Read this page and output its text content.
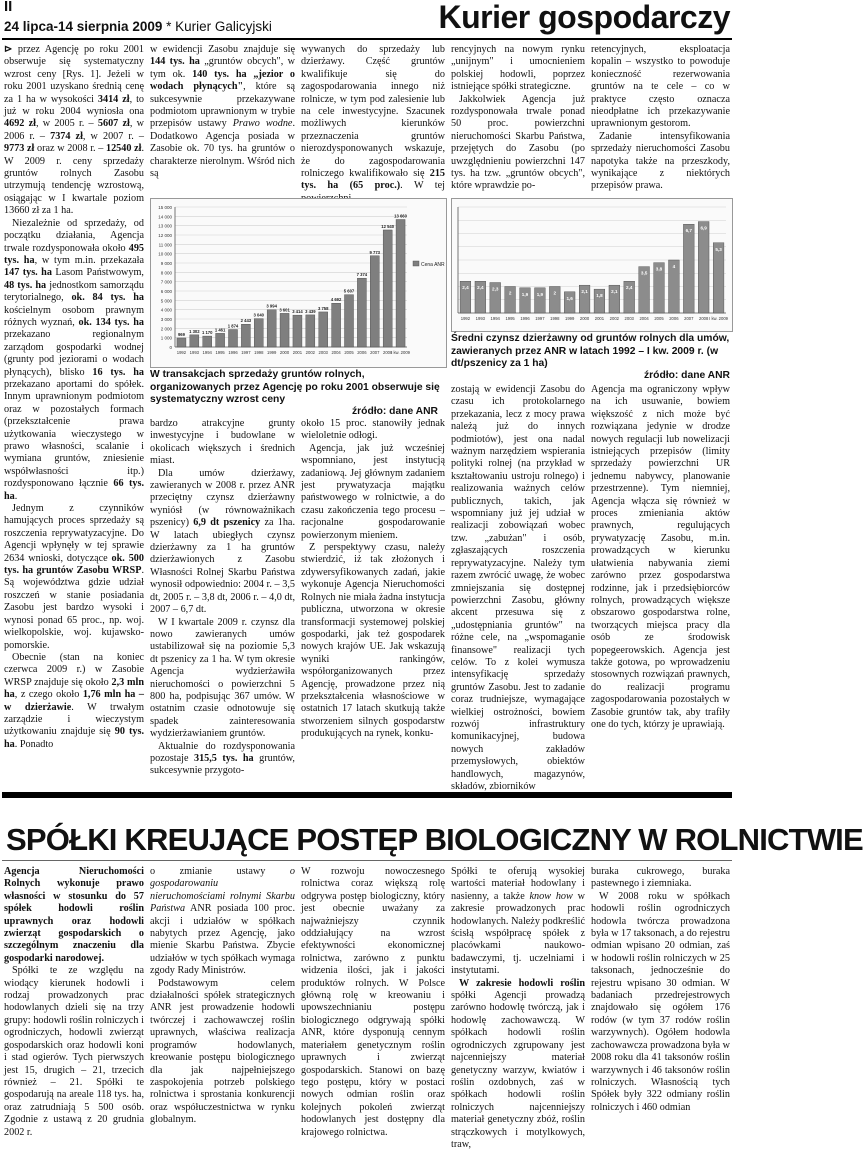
II
24 lipca-14 sierpnia 2009 * Kurier Galicyjski	Kurier gospodarczy

⊳ przez Agencję po roku 2001 obserwuje się systematyczny wzrost ceny [Rys. 1]. Jeżeli w roku 2001 uzyskano średnią cenę za 1 ha w wysokości 3414 zł, to już w roku 2004 wyniosła ona 4692 zł, w 2005 r. – 5607 zł, w 2006 r. – 7374 zł, w 2007 r. – 9773 zł oraz w 2008 r. – 12540 zł. W 2009 r. ceny sprzedaży gruntów rolnych Zasobu utrzymują tendencję wzrostową, osiągając w I kwartale poziom 13660 zł za 1 ha.

Niezależnie od sprzedaży, od początku działania, Agencja trwale rozdysponowała około 495 tys. ha, w tym m.in. przekazała 147 tys. ha Lasom Państwowym, 48 tys. ha jednostkom samorządu terytorialnego, ok. 84 tys. ha kościelnym osobom prawnym różnych wyznań, ok. 134 tys. ha przekazano regionalnym zarządom gospodarki wodnej (grunty pod jeziorami o wodach płynących), blisko 16 tys. ha przekazano aportami do spółek. Innym uprawnionym podmiotom oraz w pozostałych formach (przekształcenie prawa użytkowania wieczystego w prawo własności, scalanie i wymiana gruntów, zniesienie współwłasności itp.) rozdysponowano łącznie 66 tys. ha.

Jednym z czynników hamujących proces sprzedaży są roszczenia reprywatyzacyjne. Do Agencji wpłynęły w tej sprawie 2634 wnioski, dotyczące ok. 500 tys. ha gruntów Zasobu WRSP. Są województwa gdzie udział roszczeń w stanie posiadania Zasobu jest bardzo wysoki i wynosi ponad 65 proc., np. woj. wielkopolskie, woj. kujawsko-pomorskie.

Obecnie (stan na koniec czerwca 2009 r.) w Zasobie WRSP znajduje się około 2,3 mln ha, z czego około 1,76 mln ha – w dzierżawie. W trwałym zarządzie i wieczystym użytkowaniu znajduje się 90 tys. ha. Ponadto

w ewidencji Zasobu znajduje się 144 tys. ha „gruntów obcych", w tym ok. 140 tys. ha „jezior o wodach płynących", które są sukcesywnie przekazywane podmiotom uprawnionym w trybie przepisów ustawy Prawo wodne. Dodatkowo Agencja posiada w Zasobie ok. 70 tys. ha gruntów o charakterze nierolnym. Wśród nich są

wywanych do sprzedaży lub dzierżawy. Część gruntów kwalifikuje się do zagospodarowania innego niż rolnicze, w tym pod zalesienie lub na cele inwestycyjne. Szacunek możliwych kierunków przeznaczenia gruntów nierozdysponowanych wskazuje, że do zagospodarowania rolniczego kwalifikowało się 215 tys. ha (65 proc.). W tej

rencyjnych na nowym rynku „unijnym" i umocnieniem polskiej hodowli, poprzez istniejące spółki strategiczne.

Jakkolwiek Agencja już rozdysponowała trwale ponad 50 proc. powierzchni nieruchomości Skarbu Państwa, przejętych do Zasobu (po uwzględnieniu powierzchni 147 tys. ha tzw. „gruntów obcych", które wprawdzie po-

retencyjnych, eksploatacja kopalin – wszystko to powoduje konieczność rezerwowania gruntów na te cele – co w praktyce często oznacza nieodpłatne ich przekazywanie uprawnionym gestorom.

Zadanie intensyfikowania sprzedaży nieruchomości Zasobu napotyka także na przeszkody, wynikające z niektórych przepisów prawa.

0
1 000
2 000
3 000
4 000
5 000
6 000
7 000
8 000
9 000
10 000
11 000
12 000
13 000
14 000
15 000
969
1992
1 302
1993
1 170
1994
1 461
1995
1 874
1996
2 443
1997
3 040
1998
3 994
1999
3 601
2000
3 414
2001
3 439
2002
3 758
2003
4 692
2004
5 607
2005
7 374
2006
9 773
2007
12 540
2008
13 660
I kw. 2009
Cena ANR
W transakcjach sprzedaży gruntów rolnych, organizowanych przez Agencję po roku 2001 obserwuje się systematyczny wzrost ceny
źródło: dane ANR
2,4
1992
2,4
1993
2,3
1994
2
1995
1,9
1996
1,9
1997
2
1998
1,6
1999
2,1
2000
1,8
2001
2,1
2002
2,4
2003
3,5
2004
3,8
2005
4
2006
6,7
2007
6,9
2008
5,3
I kw. 2009
Średni czynsz dzierżawny od gruntów rolnych dla umów, zawieranych przez ANR w latach 1992 – I kw. 2009 r. (w dt/pszenicy za 1 ha)
źródło: dane ANR

bardzo atrakcyjne grunty inwestycyjne i budowlane w okolicach większych i średnich miast.

Dla umów dzierżawy, zawieranych w 2008 r. przez ANR przeciętny czynsz dzierżawny wyniósł (w równoważnikach pszenicy) 6,9 dt pszenicy za 1ha. W latach ubiegłych czynsz dzierżawny za 1 ha gruntów dzierżawionych z Zasobu Własności Rolnej Skarbu Państwa wynosił odpowiednio: 2004 r. – 3,5 dt, 2005 r. – 3,8 dt, 2006 r. – 4,0 dt, 2007 – 6,7 dt.

W I kwartale 2009 r. czynsz dla nowo zawieranych umów ustabilizował się na poziomie 5,3 dt pszenicy za 1 ha. W tym okresie Agencja wydzierżawiła nieruchomości o powierzchni 5 800 ha, podpisując 367 umów. W ostatnim czasie odnotowuje się spadek zainteresowania wydzierżawianiem gruntów.

Aktualnie do rozdysponowania pozostaje 315,5 tys. ha gruntów, sukcesywnie przygoto-

około 15 proc. stanowiły jednak wieloletnie odłogi.

Agencja, jak już wcześniej wspomniano, jest instytucją zadaniową. Jej głównym zadaniem jest prywatyzacja majątku państwowego w rolnictwie, a do czasu zakończenia tego procesu – racjonalne gospodarowanie powierzonym mieniem.

Z perspektywy czasu, należy stwierdzić, iż tak złożonych i zdywersyfikowanych zadań, jakie wykonuje Agencja Nieruchomości Rolnych nie miała żadna instytucja publiczna, utworzona w okresie transformacji systemowej polskiej gospodarki, jak też gospodarek nowych krajów UE. Jak wskazują wyniki rankingów, współorganizowanych przez Agencję, prowadzone przez nią przekształcenia własnościowe w ostatnich 17 latach skutkują także stworzeniem silnych gospodarstw produkujących na rynek, konku-

zostają w ewidencji Zasobu do czasu ich protokolarnego przekazania, lecz z mocy prawa należą już do innych podmiotów), jest ona nadal ważnym narzędziem wspierania polityki rolnej (na przykład w kształtowaniu ustroju rolnego) i realizowania ważnych celów publicznych, takich, jak wspomniany już jej udział w realizacji zobowiązań wobec tzw. „zabużan" i osób, zgłaszających roszczenia reprywatyzacyjne. Należy tym razem zwrócić uwagę, że wobec zmniejszania się dostępnej powierzchni Zasobu, główny akcent przesuwa się z „udostępniania gruntów" na różne cele, na „wspomaganie finansowe" realizacji tych celów. To z kolei wymusza intensyfikację sprzedaży gruntów Zasobu. Jest to zadanie coraz trudniejsze, wymagające wielkiej ostrożności, bowiem rozwój infrastruktury komunikacyjnej, budowa nowych zakładów przemysłowych, obiektów handlowych, magazynów, składów, zbiorników

Agencja ma ograniczony wpływ na ich usuwanie, bowiem większość z nich może być rozwiązana jedynie w drodze nowych regulacji lub nowelizacji istniejących przepisów (limity sprzedaży powierzchni UR jednemu nabywcy, planowanie przestrzenne). Tym niemniej, Agencja włącza się również w proces zmieniania aktów prawnych, regulujących prywatyzację Zasobu, m.in. prowadzących w kierunku ułatwienia nabywania ziemi zarówno przez gospodarstwa rodzinne, jak i przedsiębiorców rolnych, prowadzących większe obszarowo gospodarstwa rolne, tworzących miejsca pracy dla osób ze środowisk popegeerowskich. Agencja jest także gotowa, po wprowadzeniu stosownych rozwiązań prawnych, do realizacji programu zagospodarowania pozostałych w Zasobie gruntów tak, aby trafiły one do tych, którzy je uprawiają.

SPÓŁKI KREUJĄCE POSTĘP BIOLOGICZNY W ROLNICTWIE

Agencja Nieruchomości Rolnych wykonuje prawo własności w stosunku do 57 spółek hodowli roślin uprawnych oraz hodowli zwierząt gospodarskich o szczególnym znaczeniu dla gospodarki narodowej.

Spółki te ze względu na wiodący kierunek hodowli i rodzaj prowadzonych prac hodowlanych dzieli się na trzy grupy: hodowli roślin rolniczych i ogrodniczych, hodowli zwierząt gospodarskich oraz hodowli koni i stad ogierów. Tych pierwszych jest 15, drugich – 21, trzecich również – 21. Spółki te gospodarują na areale 118 tys. ha, oraz zatrudniają 5 500 osób. Zgodnie z ustawą z 20 grudnia 2002 r.

o zmianie ustawy o gospodarowaniu nieruchomościami rolnymi Skarbu Państwa ANR posiada 100 proc. akcji i udziałów w spółkach nabytych przez Agencję, jako mienie Skarbu Państwa. Zbycie udziałów w tych spółkach wymaga zgody Rady Ministrów.

Podstawowym celem działalności spółek strategicznych ANR jest prowadzenie hodowli twórczej i zachowawczej roślin uprawnych, właściwa realizacja programów hodowlanych, kreowanie postępu biologicznego dla jak najpełniejszego zaspokojenia potrzeb polskiego rolnictwa i sprostania konkurencji oraz współuczestnictwa w rynku globalnym.

W rozwoju nowoczesnego rolnictwa coraz większą rolę odgrywa postęp biologiczny, który jest obecnie uważany za najważniejszy czynnik oddziałujący na wzrost efektywności ekonomicznej rolnictwa, zarówno z punktu widzenia ilości, jak i jakości produktów rolnych. W Polsce główną rolę w kreowaniu i upowszechnianiu postępu biologicznego odgrywają spółki ANR, które dysponują cennym materiałem genetycznym roślin uprawnych i zwierząt gospodarskich. Stanowi on bazę tego postępu, który w postaci nowych odmian roślin oraz kolejnych pokoleń zwierząt hodowlanych jest dostępny dla krajowego rolnictwa.

Spółki te oferują wysokiej wartości materiał hodowlany i nasienny, a także know how w zakresie prowadzonych prac hodowlanych. Należy podkreślić ścisłą współpracę spółek z placówkami naukowo-badawczymi, tj. uczelniami i instytutami.

W zakresie hodowli roślin spółki Agencji prowadzą zarówno hodowlę twórczą, jak i hodowlę zachowawczą. W spółkach hodowli roślin ogrodniczych zgrupowany jest najcenniejszy materiał genetyczny warzyw, kwiatów i roślin ozdobnych, zaś w spółkach hodowli roślin rolniczych najcenniejszy materiał genetyczny zbóż, roślin strączkowych i motylkowych, traw,

buraka cukrowego, buraka pastewnego i ziemniaka.

W 2008 roku w spółkach hodowli roślin ogrodniczych hodowla twórcza prowadzona była w 17 taksonach, a do rejestru odmian wpisano 20 odmian, zaś w hodowli roślin rolniczych w 25 taksonach, jednocześnie do rejestru wpisano 30 odmian. W badaniach przedrejestrowych znajdowało się ogółem 176 rodów (w tym 37 rodów roślin warzywnych). Ogółem hodowla zachowawcza prowadzona była w 2008 roku dla 41 taksonów roślin warzywnych i 46 taksonów roślin rolniczych. Własnością tych Spółek były 322 odmiany roślin rolniczych i 460 odmian
